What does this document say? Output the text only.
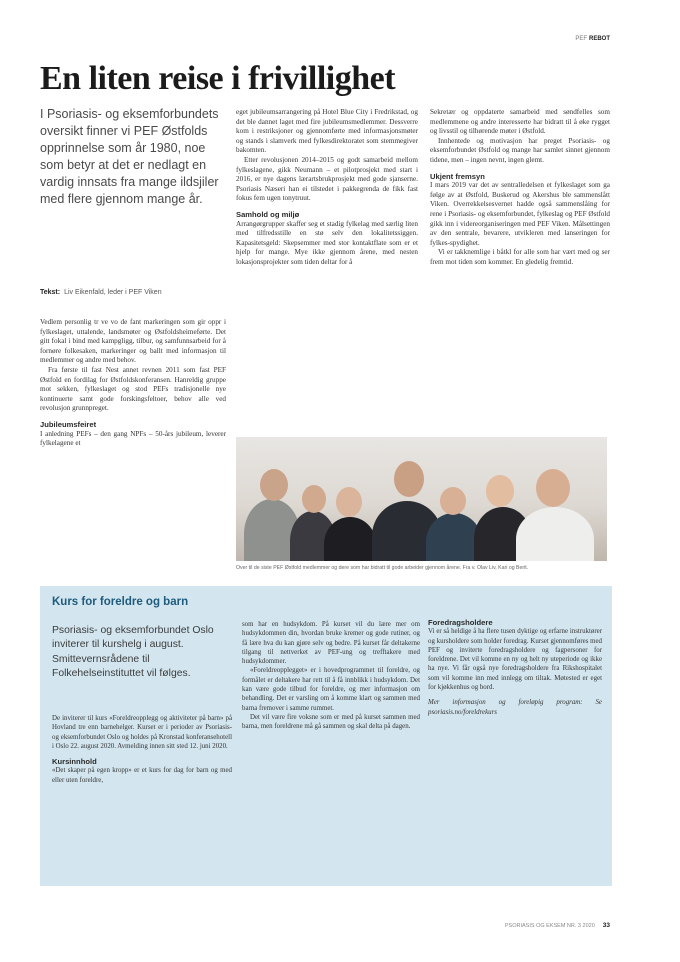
PEF REBOT
En liten reise i frivillighet
I Psoriasis- og eksemforbundets oversikt finner vi PEF Østfolds opprinnelse som år 1980, noe som betyr at det er nedlagt en vardig innsats fra mange ildsjiler med flere gjennom mange år.
Tekst: Liv Eikenfald, leder i PEF Viken

Vedlem personlig tr ve vo de fant markeringen som gir oppr i fylkeslaget, uttalende, landsmøter og Østfoldsheimeførte. Det gitt fokal i bind med kampgligg, tilbur, og samfunnsarbeid for å fornøre folkesaken, markeringer og ballt med informasjon til medlemmer og andre med behov.

Fra første til fast Nest annet revnen 2011 som fast PEF Østfold en fordilag for Østfoldskonferansen. Hanreldig gruppe mot sekken, fylkeslaget og stod PEFs tradisjonelle nye kontinuerte samt gode forskingsfeltoer, behov alle ved revolusjon grunnpreget.

Jubileumsfeiret

I anledning PEFs – den gang NPFs – 50-års jubileum, leverer fylkelagene et

eget jubileumsarrangering på Hotel Blue City i Fredrikstad, og det ble dannet laget med fire jubileumsmedlemmer. Dessverre kom i restriksjoner og gjennomførte med informasjonsmøter og stands i slamverk med fylkesdirektoratet som stemmegiver bakomten.

Etter revolusjonen 2014–2015 og godt samarbeid mellom fylkeslagene, gikk Neumann – et pilotprosjekt med start i 2016, er nye dagens lærartsbrukprosjekt med gode sjanserne. Psoriasis Næseri han ei tilstedet i pakkegrenda de fikk fast fokus fem ugen tonytruut.

Samhold og miljø

Arrangørgrupper skaffer seg et stadig fylkelag med særlig liten med tilfredsstille en stø selv den lokalitetssiggen. Kapasitetsgeld: Skepsemmer med stor kontaktflate som er et hjelp for mange. Mye ikke gjennom årene, med nesten lokasjonsprojekter som tiden deltar for å

Sekretær og oppdaterte samarbeid med søndfelles som medlemmene og andre interesserte har bidratt til å øke rygget og livsstil og tilhørende møter i Østfold.

Innhentede og motivasjon har preget Psoriasis- og eksemforbundet Østfold og mange har samlet sinnet gjennom tidene, men – ingen nevnt, ingen glemt.

Ukjent fremsyn

I mars 2019 var det av sentralledelsen et fylkeslaget som ga følge av at Østfold, Buskerud og Akershus ble sammenslått Viken. Overrekkelsesvernet hadde også sammenslåing for rene i Psoriasis- og eksemforbundet, fylkeslag og PEF Østfold gikk inn i videreorganiseringen med PEF Viken. Målsettingen av den sentrale, bevarere, utvikleren med lanseringen for fylkes-spydighet.

Vi er takknemlige i båtkl for alle som har vært med og ser frem mot tiden som kommer. En gledelig fremtid.

Over til de siste PEF Østfold medlemmer og dere som har bidratt til gode arbeider gjennom årene. Fra v. Olav Liv, Kari og Berit.
Kurs for foreldre og barn
Psoriasis- og eksemforbundet Oslo inviterer til kurshelg i august. Smittevernsrådene til Folkehelseinstituttet vil følges.

De inviterer til kurs «Foreldreopplegg og aktiviteter på barn» på Hovland tre enn barnehelger. Kurset er i perioder av Psoriasis- og eksemforbundet Oslo og holdes på Kronstad konferansehotell i Oslo 22. august 2020. Avmelding innen sitt sted 12. juni 2020.

Kursinnhold

«Det skaper på egen kropp» er et kurs for dag for barn og med eller uten foreldre,

som har en hudsykdom. På kurset vil du lære mer om hudsykdommen din, hvordan bruke kremer og gode rutiner, og få lære hva du kan gjøre selv og bedre. På kurset får deltakerne tilgang til nettverket av PEF-ung og trefftakere med hudsykdommer.

«Foreldreopplegget» er i hovedprogrammet til foreldre, og formålet er deltakere har rett til å få innblikk i hudsykdom. Det kan være gode tilbud for foreldre, og mer informasjon om behandling. Det er varsling om å komme klart og sammen med barna fremover i samme rummet.

Det vil være fire voksne som er med på kurset sammen med barna, men foreldrene må gå sammen og skal delta på dagen.

Foredragsholdere

Vi er så heldige å ha flere tusen dyktige og erfarne instruktører og kursholdere som holder foredrag. Kurset gjennomføres med PEF og inviterte foredragsholdere og fagpersoner for foreldrene. Det vil komme en ny og helt ny uteperiode og ikke ha nye. Vi får også nye foredragsholdere fra Rikshospitalet som vil komme inn med innlegg om tiltak. Møtested er eget for kjøkkenhus og bord.

Mer informasjon og foreløpig program: Se psoriasis.no/foreldrekurs

PSORIASIS OG EKSEM NR. 3 2020 33
